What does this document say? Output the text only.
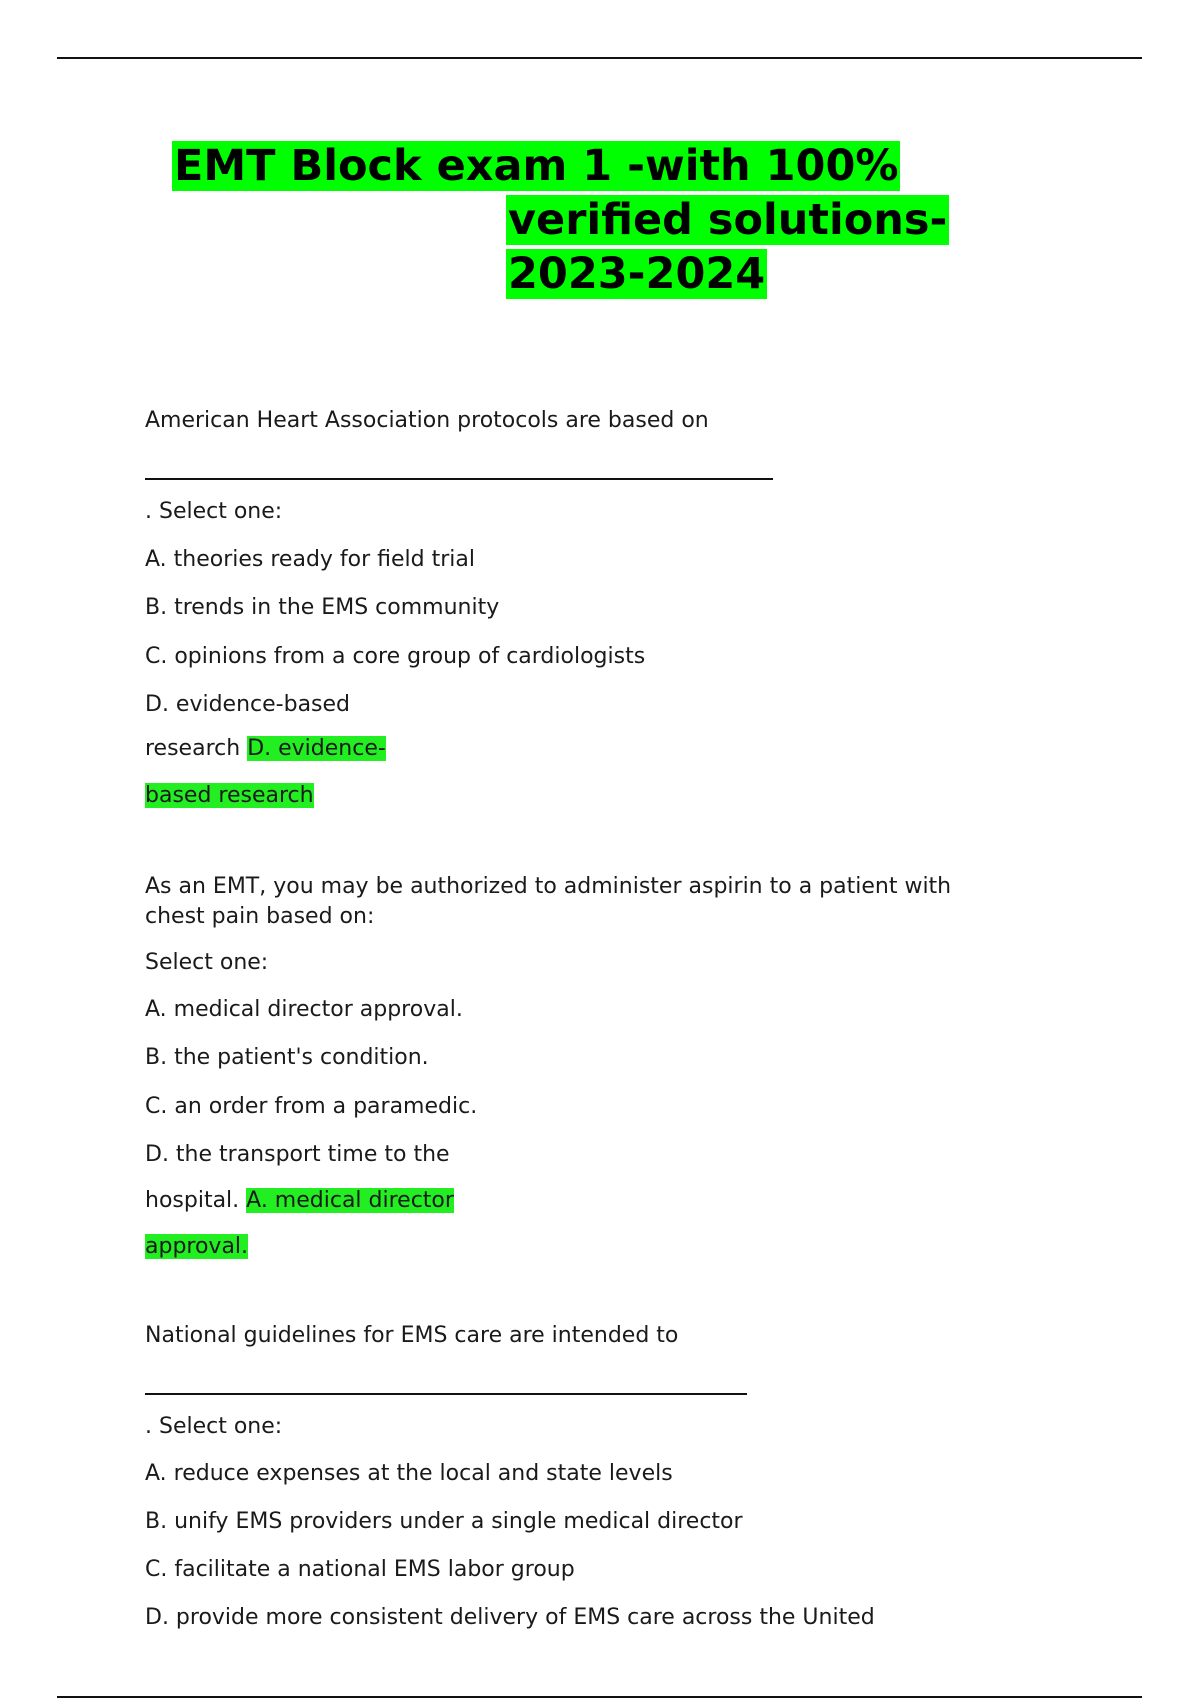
EMT Block exam 1 -with 100%
verified solutions-
2023-2024
American Heart Association protocols are based on
. Select one:
A. theories ready for field trial
B. trends in the EMS community
C. opinions from a core group of cardiologists
D. evidence-based
research D. evidence-
based research
As an EMT, you may be authorized to administer aspirin to a patient with chest pain based on:
Select one:
A. medical director approval.
B. the patient's condition.
C. an order from a paramedic.
D. the transport time to the
hospital. A. medical director
approval.
National guidelines for EMS care are intended to
. Select one:
A. reduce expenses at the local and state levels
B. unify EMS providers under a single medical director
C. facilitate a national EMS labor group
D. provide more consistent delivery of EMS care across the United
